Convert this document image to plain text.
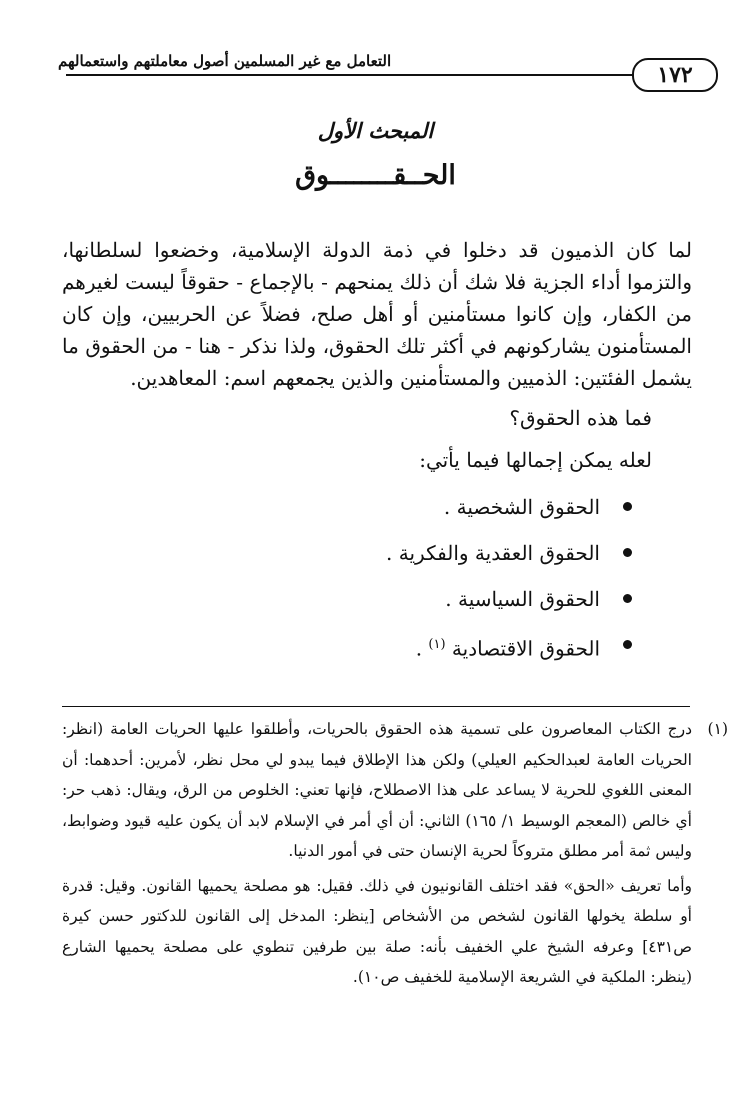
التعامل مع غير المسلمين أصول معاملتهم واستعمالهم
١٧٢
المبحث الأول
الحــقــــــــوق

لما كان الذميون قد دخلوا في ذمة الدولة الإسلامية، وخضعوا لسلطانها، والتزموا أداء الجزية فلا شك أن ذلك يمنحهم - بالإجماع - حقوقاً ليست لغيرهم من الكفار، وإن كانوا مستأمنين أو أهل صلح، فضلاً عن الحربيين، وإن كان المستأمنون يشاركونهم في أكثر تلك الحقوق، ولذا نذكر - هنا - من الحقوق ما يشمل الفئتين: الذميين والمستأمنين والذين يجمعهم اسم: المعاهدين.

فما هذه الحقوق؟

لعله يمكن إجمالها فيما يأتي:

الحقوق الشخصية .
الحقوق العقدية والفكرية .
الحقوق السياسية .
الحقوق الاقتصادية $^{(١)}$ .
(١)
درج الكتاب المعاصرون على تسمية هذه الحقوق بالحريات، وأطلقوا عليها الحريات العامة (انظر: الحريات العامة لعبدالحكيم العيلي) ولكن هذا الإطلاق فيما يبدو لي محل نظر، لأمرين: أحدهما: أن المعنى اللغوي للحرية لا يساعد على هذا الاصطلاح، فإنها تعني: الخلوص من الرق، ويقال: ذهب حر: أي خالص (المعجم الوسيط ١/ ١٦٥) الثاني: أن أي أمر في الإسلام لابد أن يكون عليه قيود وضوابط، وليس ثمة أمر مطلق متروكاً لحرية الإنسان حتى في أمور الدنيا.
وأما تعريف «الحق» فقد اختلف القانونيون في ذلك. فقيل: هو مصلحة يحميها القانون. وقيل: قدرة أو سلطة يخولها القانون لشخص من الأشخاص [ينظر: المدخل إلى القانون للدكتور حسن كيرة ص٤٣١] وعرفه الشيخ علي الخفيف بأنه: صلة بين طرفين تنطوي على مصلحة يحميها الشارع (ينظر: الملكية في الشريعة الإسلامية للخفيف ص١٠).
